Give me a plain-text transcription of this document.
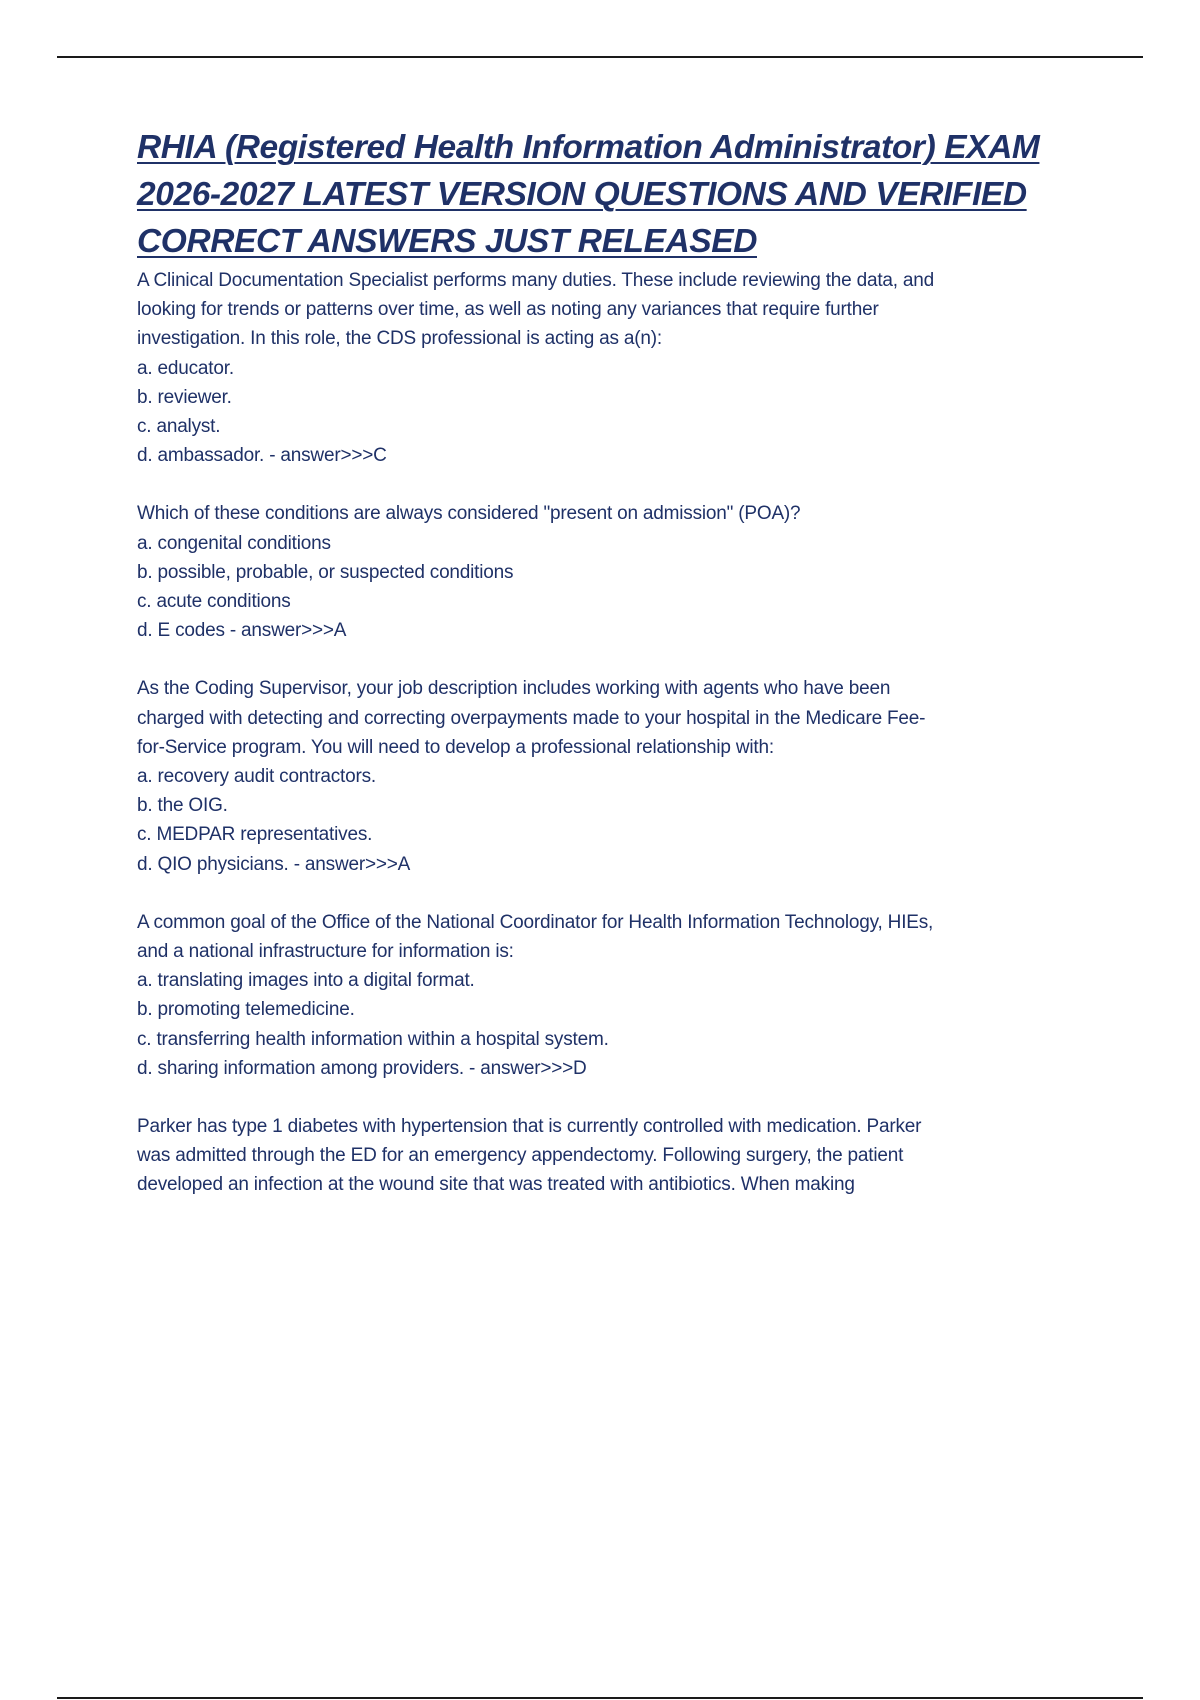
RHIA (Registered Health Information Administrator) EXAM
2026-2027 LATEST VERSION QUESTIONS AND VERIFIED
CORRECT ANSWERS JUST RELEASED
A Clinical Documentation Specialist performs many duties. These include reviewing the data, and
looking for trends or patterns over time, as well as noting any variances that require further
investigation. In this role, the CDS professional is acting as a(n):
a. educator.
b. reviewer.
c. analyst.
d. ambassador. - answer>>>C
Which of these conditions are always considered "present on admission" (POA)?
a. congenital conditions
b. possible, probable, or suspected conditions
c. acute conditions
d. E codes - answer>>>A
As the Coding Supervisor, your job description includes working with agents who have been
charged with detecting and correcting overpayments made to your hospital in the Medicare Fee-
for-Service program. You will need to develop a professional relationship with:
a. recovery audit contractors.
b. the OIG.
c. MEDPAR representatives.
d. QIO physicians. - answer>>>A
A common goal of the Office of the National Coordinator for Health Information Technology, HIEs,
and a national infrastructure for information is:
a. translating images into a digital format.
b. promoting telemedicine.
c. transferring health information within a hospital system.
d. sharing information among providers. - answer>>>D
Parker has type 1 diabetes with hypertension that is currently controlled with medication. Parker
was admitted through the ED for an emergency appendectomy. Following surgery, the patient
developed an infection at the wound site that was treated with antibiotics. When making
